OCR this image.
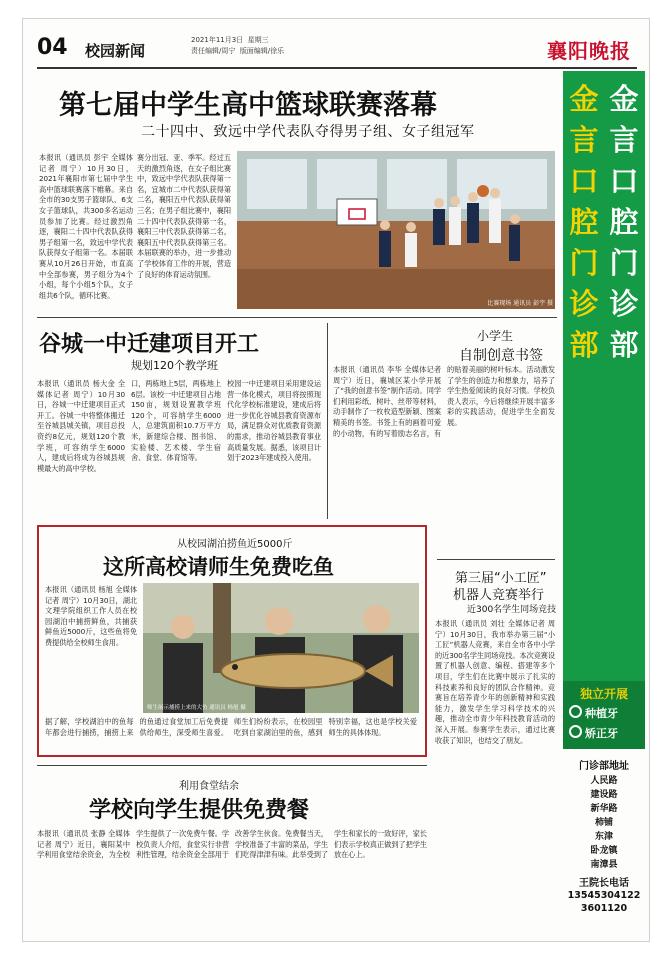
04 校园新闻
2021年11月3日 星期三
责任编辑/周宁 版面编辑/徐乐	襄阳晚报
第七届中学生高中篮球联赛落幕
二十四中、致远中学代表队夺得男子组、女子组冠军
本报讯（通讯员 彭宇 全媒体记者 周宁）10月30日，2021年襄阳市第七届中学生高中篮球联赛落下帷幕。来自全市的30支男子篮球队、6支女子篮球队，共300多名运动员参加了比赛。经过激烈角逐，襄阳二十四中代表队获得男子组第一名，致远中学代表队获得女子组第一名。本届联赛从10月26日开始，市直高中全部参赛，男子组分为4个小组，每个小组5个队，女子组共6个队，循环比赛。
赛分出冠、亚、季军。经过五天的激烈角逐，在女子组比赛中，致远中学代表队获得第一名，宜城市二中代表队获得第二名，襄阳五中代表队获得第三名；在男子组比赛中，襄阳二十四中代表队获得第一名，襄阳三中代表队获得第二名，襄阳五中代表队获得第三名。本届联赛的举办，进一步推动了学校体育工作的开展，营造了良好的体育运动氛围。
比赛现场 通讯员 彭宇 摄
谷城一中迁建项目开工
规划120个教学班
本报讯（通讯员 杨大金 全媒体记者 周宁）10月30日，谷城一中迁建项目正式开工。谷城一中将整体搬迁至谷城县城关镇，项目总投资约8亿元，规划120个教学班，可容纳学生6000人，建成后将成为谷城县规模最大的高中学校。
口，两栋地上5层，两栋地上6层。该校一中迁建项目占地150亩，规划设置教学班120个，可容纳学生6000人，总建筑面积10.7万平方米，新建综合楼、图书馆、实验楼、艺术楼、学生宿舍、食堂、体育馆等。
校园一中迁建项目采用建设运营一体化模式，项目将按照现代化学校标准建设，建成后将进一步优化谷城县教育资源布局，满足群众对优质教育资源的需求，推动谷城县教育事业高质量发展。据悉，该项目计划于2023年建成投入使用。
小学生
自制创意书签
本报讯（通讯员 李华 全媒体记者 周宁）近日，襄城区某小学开展了“我的创意书签”制作活动。同学们利用彩纸、树叶、丝带等材料，动手制作了一枚枚造型新颖、图案精美的书签。书签上有的画着可爱的小动物，有的写着励志名言，有的贴着美丽的树叶标本。活动激发了学生的创造力和想象力，培养了学生热爱阅读的良好习惯。学校负责人表示，今后将继续开展丰富多彩的实践活动，促进学生全面发展。
从校园湖泊捞鱼近5000斤
这所高校请师生免费吃鱼
本报讯（通讯员 杨旭 全媒体记者 周宁）10月30日，湖北文理学院组织工作人员在校园湖泊中捕捞鲜鱼，共捕获鲜鱼近5000斤，这些鱼将免费提供给全校师生食用。
师生展示捕捞上来的大鱼 通讯员 杨旭 摄
据了解，学校湖泊中的鱼每年都会进行捕捞，捕捞上来的鱼通过食堂加工后免费提供给师生，深受师生喜爱。师生们纷纷表示，在校园里吃到自家湖泊里的鱼，感到特别幸福，这也是学校关爱师生的具体体现。
第三届“小工匠”
机器人竞赛举行
近300名学生同场竞技
本报讯（通讯员 刘壮 全媒体记者 周宁）10月30日，我市举办第三届“小工匠”机器人竞赛，来自全市各中小学的近300名学生同场竞技。本次竞赛设置了机器人创意、编程、搭建等多个项目，学生们在比赛中展示了扎实的科技素养和良好的团队合作精神。竞赛旨在培养青少年的创新精神和实践能力，激发学生学习科学技术的兴趣，推动全市青少年科技教育活动的深入开展。参赛学生表示，通过比赛收获了知识，也结交了朋友。
利用食堂结余
学校向学生提供免费餐
本报讯（通讯员 张静 全媒体记者 周宁）近日，襄阳某中学利用食堂结余资金，为全校学生提供了一次免费午餐。学校负责人介绍，食堂实行非营利性管理，结余资金全部用于改善学生伙食。免费餐当天，学校准备了丰富的菜品，学生们吃得津津有味。此举受到了学生和家长的一致好评，家长们表示学校真正做到了把学生放在心上。
金
言
口
腔
门
诊
部
金
言
口
腔
门
诊
部
独立开展
种植牙
矫正牙
门诊部地址
人民路
建设路
新华路
柿铺
东津
卧龙镇
南漳县
王院长电话
13545304122
3601120
